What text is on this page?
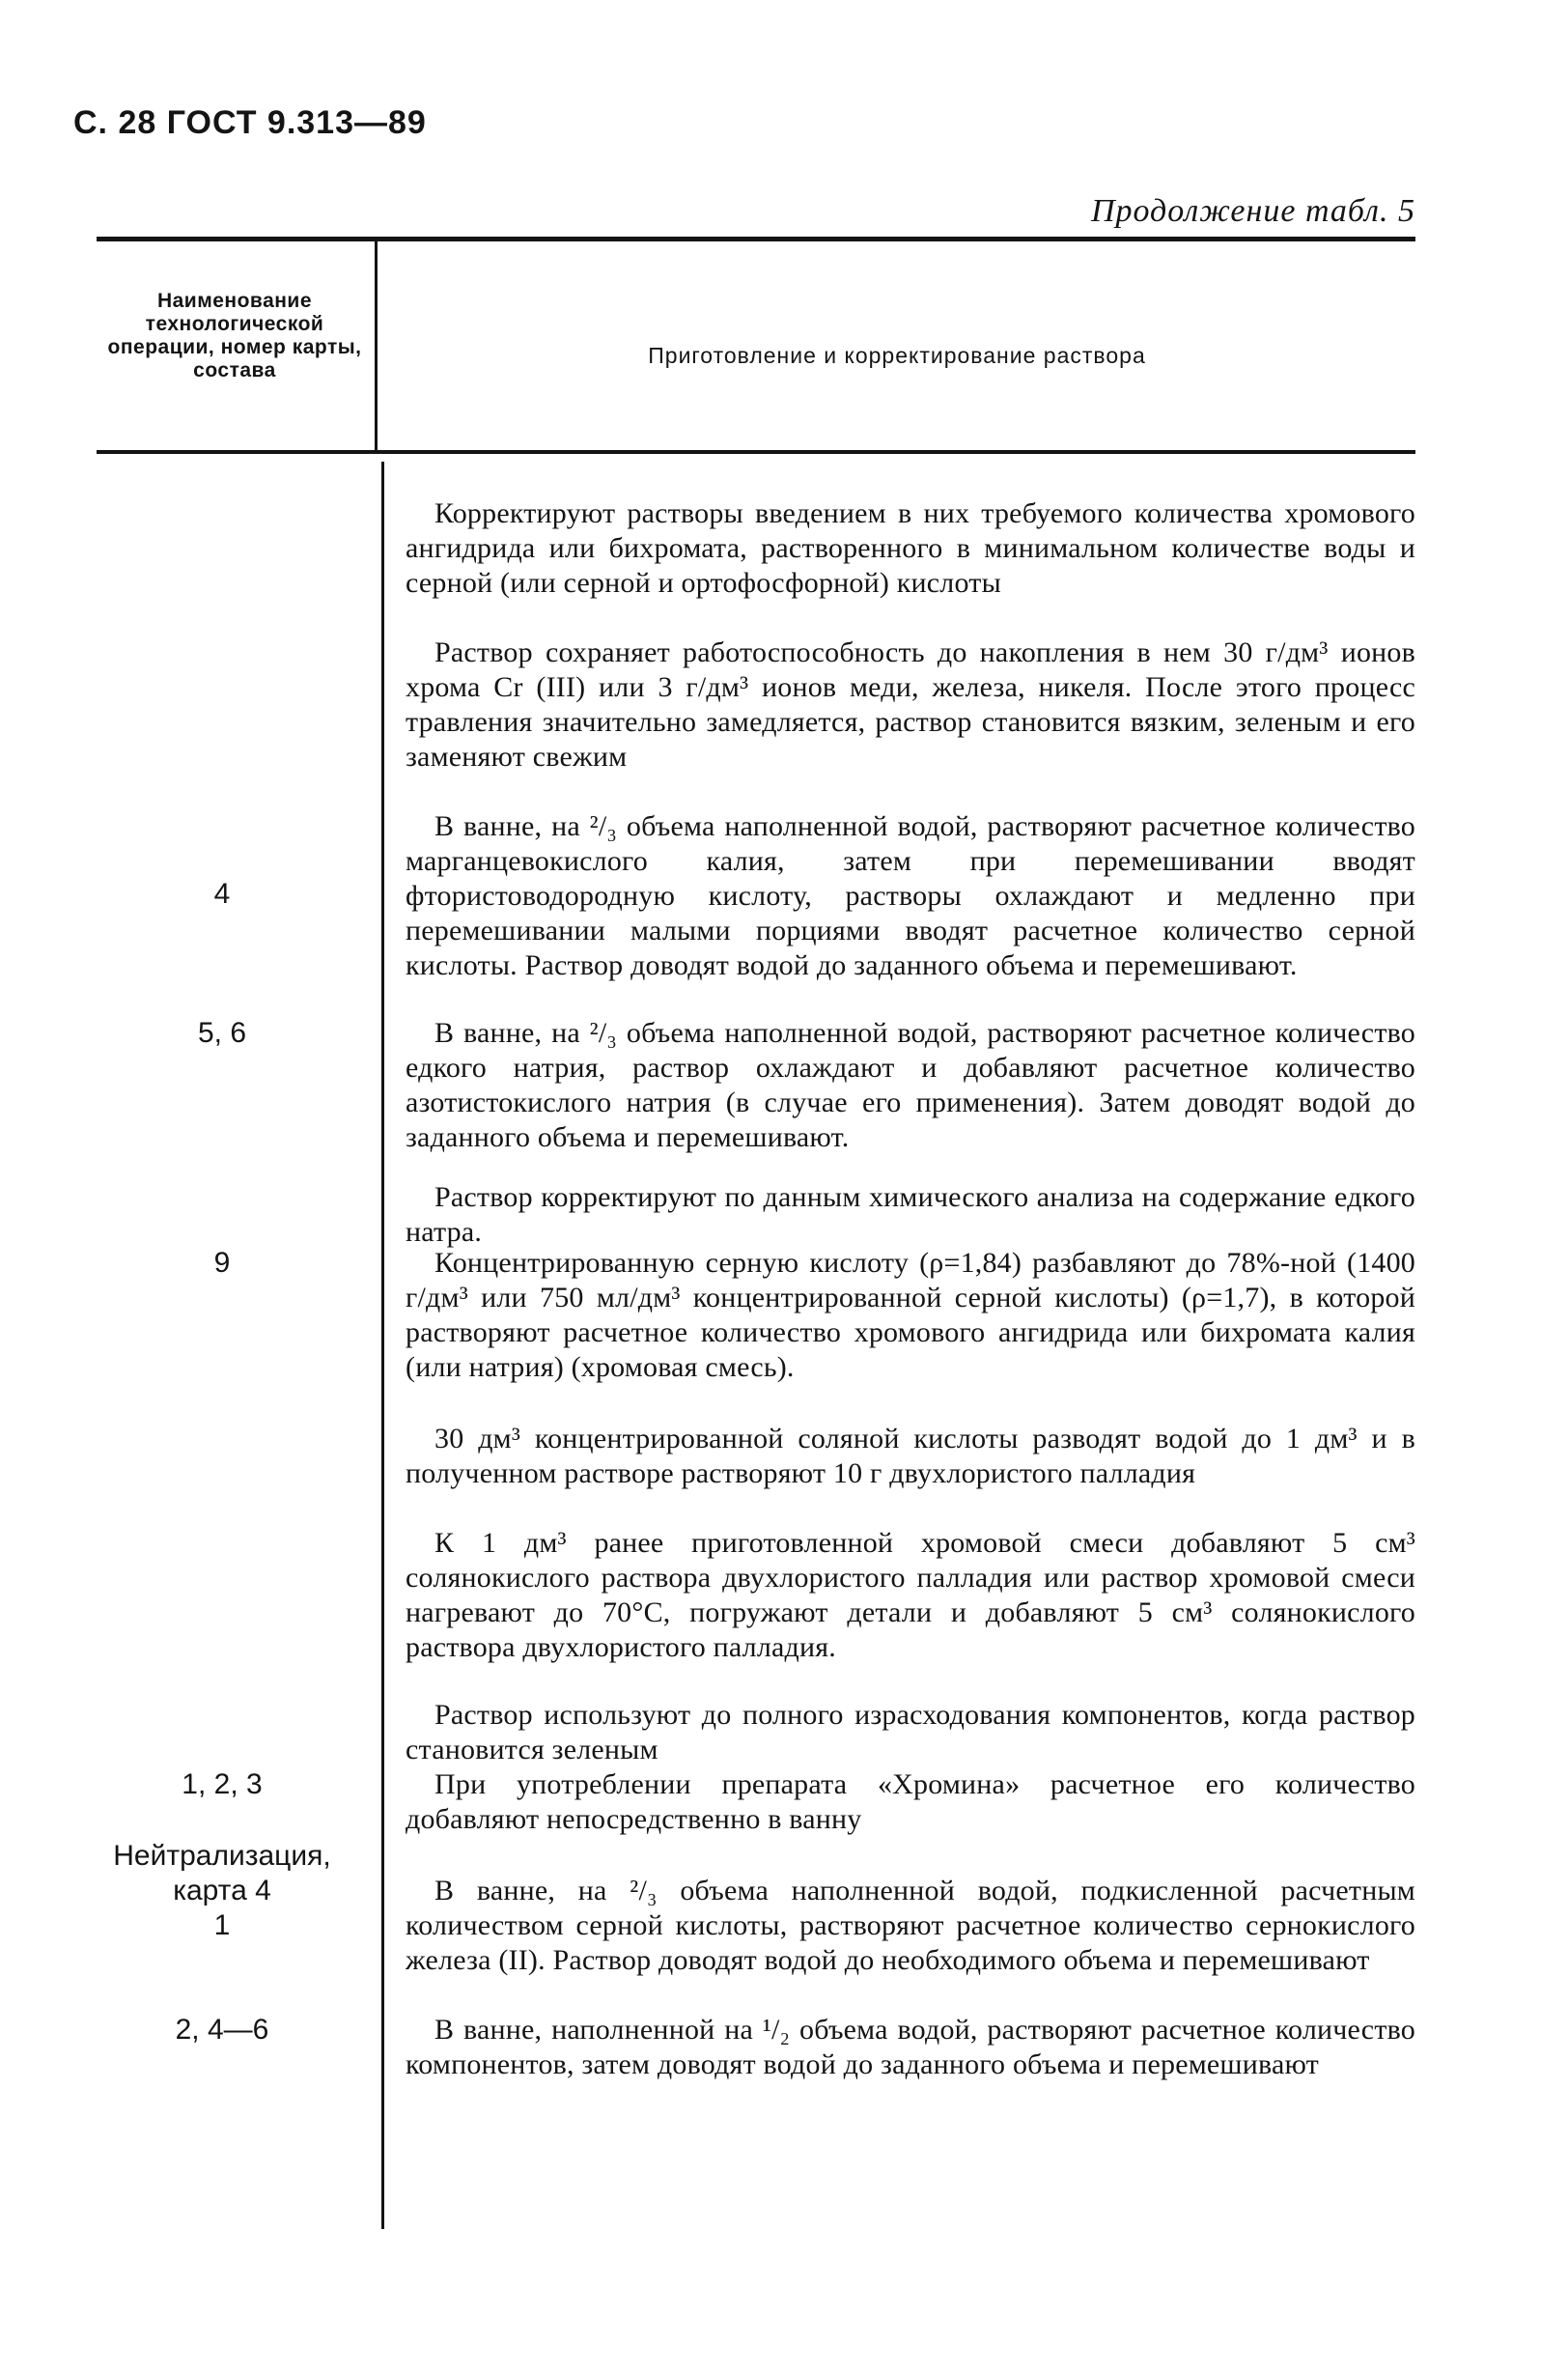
С. 28 ГОСТ 9.313—89
Продолжение табл. 5
Наименование технологической операции, номер карты, состава
Приготовление и корректирование раствора
4
5, 6
9
1, 2, 3
Нейтрализация, карта 4
1
2, 4—6
Корректируют растворы введением в них требуемого количества хромового ангидрида или бихромата, растворенного в минимальном количестве воды и серной (или серной и ортофосфорной) кислоты
Раствор сохраняет работоспособность до накопления в нем 30 г/дм³ ионов хрома Cr (III) или 3 г/дм³ ионов меди, железа, никеля. После этого процесс травления значительно замедляется, раствор становится вязким, зеленым и его заменяют свежим
В ванне, на ²/₃ объема наполненной водой, растворяют расчетное количество марганцевокислого калия, затем при перемешивании вводят фтористоводородную кислоту, растворы охлаждают и медленно при перемешивании малыми порциями вводят расчетное количество серной кислоты. Раствор доводят водой до заданного объема и перемешивают.
В ванне, на ²/₃ объема наполненной водой, растворяют расчетное количество едкого натрия, раствор охлаждают и добавляют расчетное количество азотистокислого натрия (в случае его применения). Затем доводят водой до заданного объема и перемешивают.
Раствор корректируют по данным химического анализа на содержание едкого натра.
Концентрированную серную кислоту (ρ=1,84) разбавляют до 78%-ной (1400 г/дм³ или 750 мл/дм³ концентрированной серной кислоты) (ρ=1,7), в которой растворяют расчетное количество хромового ангидрида или бихромата калия (или натрия) (хромовая смесь).
30 дм³ концентрированной соляной кислоты разводят водой до 1 дм³ и в полученном растворе растворяют 10 г двухлористого палладия
К 1 дм³ ранее приготовленной хромовой смеси добавляют 5 см³ солянокислого раствора двухлористого палладия или раствор хромовой смеси нагревают до 70°С, погружают детали и добавляют 5 см³ солянокислого раствора двухлористого палладия.
Раствор используют до полного израсходования компонентов, когда раствор становится зеленым
При употреблении препарата «Хромина» расчетное его количество добавляют непосредственно в ванну
В ванне, на ²/₃ объема наполненной водой, подкисленной расчетным количеством серной кислоты, растворяют расчетное количество сернокислого железа (II). Раствор доводят водой до необходимого объема и перемешивают
В ванне, наполненной на ¹/₂ объема водой, растворяют расчетное количество компонентов, затем доводят водой до заданного объема и перемешивают
